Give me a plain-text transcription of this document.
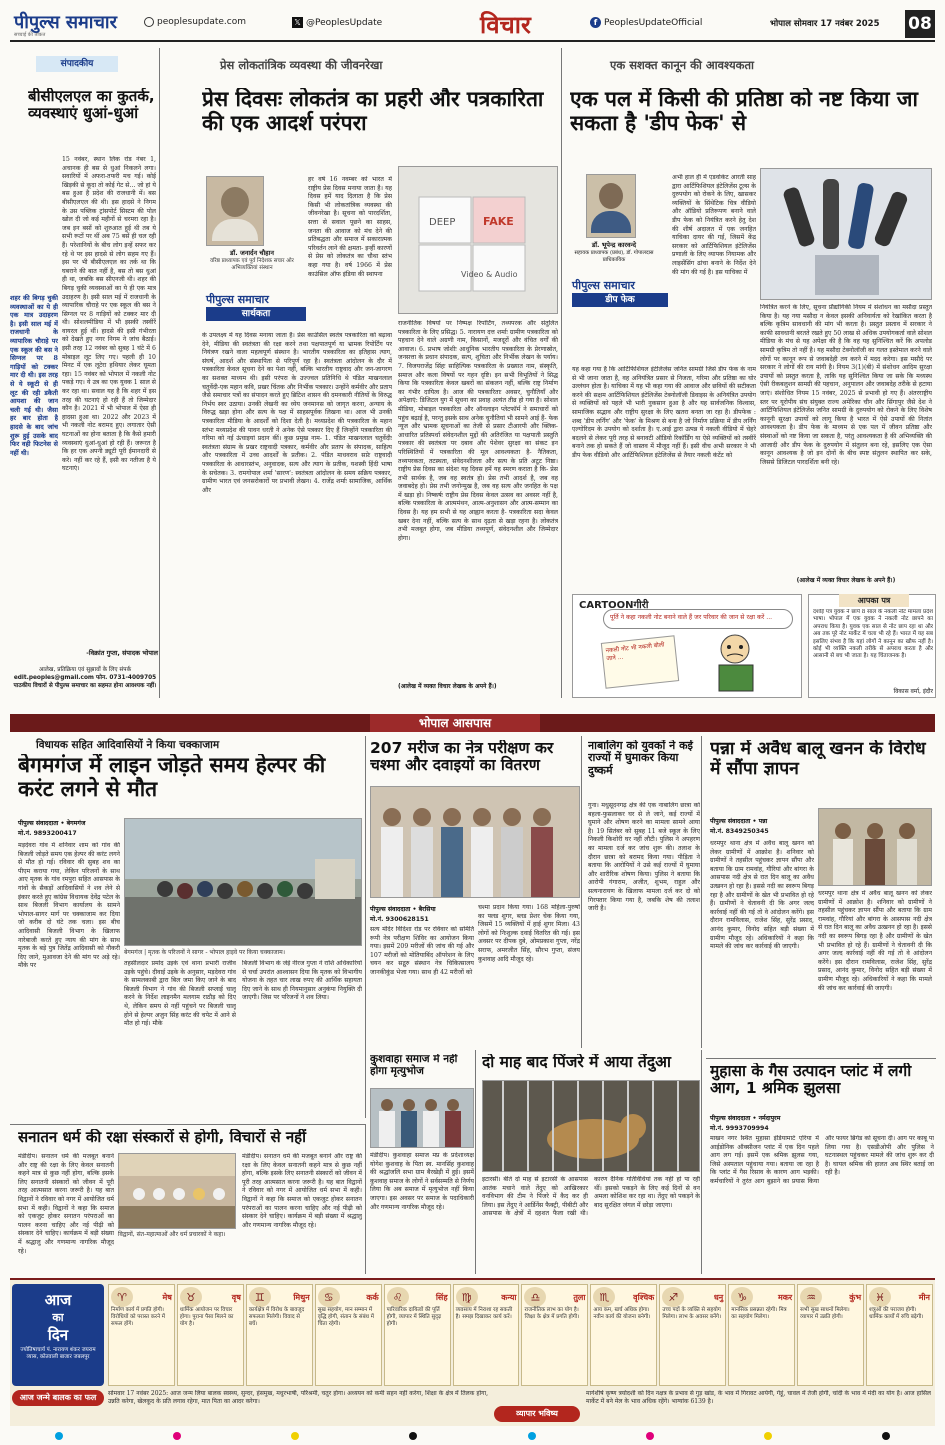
पीपुल्स समाचार
सच्चाई की ताकत
peoplesupdate.com	𝕏 @PeoplesUpdate	विचार	f PeoplesUpdateOfficial	भोपाल सोमवार 17 नवंबर 2025 08
संपादकीय
बीसीएलएल का कुतर्क, व्यवस्थाएं धुआं-धुआं
शहर की बिगड़ चुकी व्यवस्थाओं का ये ही एक मात्र उदाहरण है। इसी साल मई में राजधानी के व्यापारिक चौराहे पर एक स्कूल की बस ने सिग्नल पर 8 गाड़ियों को टक्कर मार दी थी। इस तरह से ये स्कूटी से ही लूट की रही डकैती आयशा की जान चली गई थी। जैसा हर बार होता है हादसे के बाद जांच शुरू हुई उसके बाद फिर वही फिटनेस से नहीं थी।
15 नवंबर, स्थान लिंक रोड नंबर 1, अचानक ही बस से धुआं निकलने लगा। सवारियों में अफरा-तफरी मच गई। कोई खिड़की से कूदा तो कोई गेट से... जो हां ये बस हुआ है प्रदेश की राजधानी में। बस बीसीएलएल की थी। इस हादसे ने निगम के उस पब्लिक ट्रांसपोर्ट सिस्टम की पोल खोल दी जो कई महीनों से चरमरा रहा है। जब इन बसों को शुरुआत हुई थी तब ये सभी रूटों पर थीं अब 75 बसें ही चल रही हैं। परेशानियों के बीच लोग इन्हें सफर कर रहे थे पर इस हादसे से लोग सहम गए हैं। इस पर भी बीसीएलएल का तर्क था कि घबराने की बात नहीं है, बस तो बस धुआं ही था, जबकि बस सीएनजी थी। शहर की बिगड़ चुकी व्यवस्थाओं का ये ही एक मात्र उदाहरण है। इसी साल मई में राजधानी के व्यापारिक चौराहे पर एक स्कूल की बस ने सिग्नल पर 8 गाड़ियों को टक्कर मार दी थी। सोशलमीडिया में भी इसकी तस्वीरें वायरल हुई थीं। हादसे की इसी गंभीरता को देखते हुए नगर निगम ने जांच बैठाई। इसी तरह 12 नवंबर को सुबह 1 घंटे में 6 मोबाइल लूट लिए गए। पहली ही 10 मिनट में एक लूटेरा हथियार लेकर घूमता रहा। 15 नवंबर को भोपाल में नकली नोट पकड़े गए। ये उत्र का एक युवक 1 साल से कर रहा था। सवाल यह है कि शहर में इस तरह की घटनाएं हो रही हैं तो जिम्मेदार कौन है। 2021 में भी भोपाल में ऐसा ही हादसा हुआ था। 2022 और 2023 में भी नकली नोट बरामद हुए। लगातार ऐसी घटनाओं का होना बताता है कि कैसे हमारी व्यवस्थाएं धुआं-धुआं हो रही हैं। जरूरत है कि हर एक अपनी ड्यूटी पूरी ईमानदारी से करे। नहीं कर रहे हैं, इसी का नतीजा है ये घटनाएं।
-विक्रांत गुप्ता, संपादक भोपाल
आलेख, प्रतिक्रिया एवं सुझावों के लिए संपर्क
edit.peoples@gmail.com फोन. 0731-4009705
पाठकीय विचारों से पीपुल्स समाचार का सहमत होना आवश्यक नहीं।
प्रेस लोकतांत्रिक व्यवस्था की जीवनरेखा
प्रेस दिवसः लोकतंत्र का प्रहरी और पत्रकारिता की एक आदर्श परंपरा
डॉ. जनार्दन चौहान
वरिष्ठ प्राध्यापक एवं पूर्व निदेशक सचार ओर अभिव्यक्तियां संस्थान
पीपुल्स समाचार
सार्थकता
हर वर्ष 16 नवम्बर को भारत में राष्ट्रीय प्रेस दिवस मनाया जाता है। यह दिवस हमें याद दिलाता है कि प्रेस किसी भी लोकतांत्रिक व्यवस्था की जीवनरेखा है। सूचना को पारदर्शिता, सत्ता से सवाल पूछने का साहस, जनता की आवाज को मंच देने की प्रतिबद्धता और समाज में सकारात्मक परिवर्तन लाने की क्षमता- इन्हीं कारणों से प्रेस को लोकतंत्र का चौथा स्तंभ कहा गया है। वर्ष 1966 में प्रेस काउंसिल ऑफ इंडिया की स्थापना
DEEP	FAKE
Video & Audio
के उपलक्ष्य में यह दिवस मनाया जाता है। प्रेस काउंसिल स्वतंत्र पत्रकारिता को बढ़ावा देने, मीडिया की स्वतंत्रता की रक्षा करने तथा पक्षपातपूर्ण या भ्रामक रिपोर्टिंग पर नियंत्रण रखने वाला महत्वपूर्ण संस्थान है। भारतीय पत्रकारिता का इतिहास त्याग, संघर्ष, आदर्श और संस्थापिता से परिपूर्ण रहा है। स्वतंत्रता आंदोलन के दौर में पत्रकारिता केवल सूचना देने का पेशा नहीं, बल्कि भारतीय राष्ट्रवाद और जन-जागरण का सशक्त माध्यम थी। इसी परंपरा के उज्ज्वल प्रतिनिधि थे पंडित माखनलाल चतुर्वेदी-एक महान कवि, प्रखर चिंतक और निर्भीक पत्रकार। उन्होंने कर्मवीर और प्रताप जैसे समाचार पत्रों का संपादन करते हुए ब्रिटिश शासन की दमनकारी नीतियों के विरुद्ध निर्भय स्वर उठाया। उनकी लेखनी का ध्येय जनमानस को जागृत करना, अन्याय के विरुद्ध खड़ा होना और सत्य के पक्ष में साहसपूर्वक लिखना था। आज भी उनकी पत्रकारिता मीडिया के आदर्शों को दिशा देती है। मध्यप्रदेश की पत्रकारिता के महान स्तंभः मध्यप्रदेश की पावन धरती ने अनेक ऐसे पत्रकार दिए हैं जिन्होंने पत्रकारिता की गरिमा को नई ऊंचाइयां प्रदान कीं। कुछ प्रमुख नाम- 1. पंडित माखनलाल चतुर्वेदीः स्वतंत्रता संग्राम के प्रखर राष्ट्रवादी पत्रकार, कर्मवीर और प्रताप के संपादक, साहित्य और पत्रकारिता में उच्च आदर्शों के प्रतीक। 2. पंडित माधवराव सप्रेः राष्ट्रवादी पत्रकारिता के आधारस्तंभ, अनुवादक, सत्य और त्याग के प्रतीक, यशस्वी हिंदी भाषा के सचेतक। 3. रामगोपाल शर्मा 'सारण': स्वतंत्रता आंदोलन के समय सक्रिय पत्रकार, ग्रामीण भारत एवं जनसरोकारों पर प्रभावी लेखन। 4. राजेंद्र शर्माः सामाजिक, आर्थिक और
राजनीतिक विषयों पर निष्पक्ष रिपोर्टिंग, तथ्यपरक और संतुलित पत्रकारिता के लिए प्रसिद्ध। 5. नारायण दत्त शर्माः ग्रामीण पत्रकारिता को पहचान देने वाले अग्रणी नाम, किसानों, मजदूरों और वंचित वर्गों की आवाज। 6. प्रभाष जोशीः आधुनिक भारतीय पत्रकारिता के प्रेरणास्रोत, जनसत्ता के प्रधान संपादक, सत्य, शुचिता और निर्भीक लेखन के पर्याय। 7. विजयराजेंद्र सिंहः साहित्यिक पत्रकारिता के प्रख्यात नाम, संस्कृति, समाज और कला विषयों पर गहन दृष्टि। इन सभी विभूतियों ने सिद्ध किया कि पत्रकारिता केवल खबरों का संकलन नहीं, बल्कि राष्ट्र निर्माण का गंभीर दायित्व है। आज की पत्रकारिताः अवसर, चुनौतियाँ और अपेक्षाएं: डिजिटल युग में सूचना का प्रवाह अत्यंत तीव्र हो गया है। सोशल मीडिया, मोबाइल पत्रकारिता और ऑनलाइन प्लेटफॉर्म ने समाचारों को पहुंच बढ़ाई है, परन्तु इसके साथ अनेक चुनौतियां भी सामने आई हैं- फेक न्यूज और भ्रामक सूचनाओं का तेजी से प्रसार टीआरपी और क्लिक-आधारित प्रतिस्पर्धा संवेदनशील मुद्दों की अतिरंजित या पक्षपाती प्रस्तुति पत्रकार की स्वतंत्रता पर दबाव और पेशेवर सुरक्षा का संकट इन परिस्थितियों में पत्रकारिता की मूल आवश्यकता है- नैतिकता, तथ्यपरकता, तटस्थता, संवेदनशीलता और सत्य के प्रति अटूट निष्ठा। राष्ट्रीय प्रेस दिवस का संदेशः यह दिवस हमें यह स्मरण कराता है कि- प्रेस तभी सार्थक है, जब वह स्वतंत्र हो। प्रेस तभी आदर्श है, जब वह जवाबदेह हो। प्रेस तभी जनोन्मुख है, जब वह सत्य और जनहित के पक्ष में खड़ा हो। निष्कर्षः राष्ट्रीय प्रेस दिवस केवल उत्सव का अवसर नहीं है, बल्कि पत्रकारिता के आत्ममंथन, आत्म-अनुशासन और आत्म-सम्मान का दिवस है। यह हम सभी से यह आह्वान करता है- पत्रकारिता सदा केवल खबर देना नहीं, बल्कि सत्य के साथ दृढ़ता से खड़ा रहना है। लोकतंत्र तभी मजबूत होगा, जब मीडिया तथ्यपूर्ण, संवेदनशील और जिम्मेदार होगा।
(आलेख में व्यक्त विचार लेखक के अपने हैं।)
एक सशक्त कानून की आवश्यकता
एक पल में किसी की प्रतिष्ठा को नष्ट किया जा सकता है 'डीप फेक' से
डॉ. भूपेन्द्र कारवन्दे
सहायक प्राध्यापक (प्रबंध), डॉ. गोपालदास प्राधिकायिक
पीपुल्स समाचार
डीप फेक
अभी हाल ही में एडवोकेट आरती साह द्वारा आर्टिफिशियल इंटेलिजेंस टूल्स के दुरुपयोग को रोकने के लिए, खासकर व्यक्तियों के सिंथेटिक चित्र वीडियो और ऑडियो प्रतिरूपण बनाने वाले डीप फेक को नियंत्रित करने हेतु देश की शीर्ष अदालत में एक जनहित याचिका दायर की गई, जिसमें केंद्र सरकार को आर्टिफिशियल इंटेलिजेंस प्रणाली के लिए व्यापक नियामक और लाइसेंसिंग ढांचा बनाने के निर्देश देने की मांग की गई है। इस याचिका में
यह कहा गया है कि आर्टिफिशियल इंटेलिजेंस जनित सामग्री जिसे डीप फेक के नाम से भी जाना जाता है, वह अनियंत्रित प्रसार से निजता, गरिमा और प्रतिष्ठा का घोर उल्लंघन होता है। याचिका में यह भी कहा गया की आवाज और छवियों की सटीकता करने की सक्षम आर्टिफिशियल इंटेलिजेंस टेक्नोलॉजी डिवाइस के अनियंत्रित उपयोग से व्यक्तियों को पहले भी भारी नुकसान हुआ है और यह सार्वजनिक विश्वास, सामाजिक सद्भाव और राष्ट्रीय सुरक्षा के लिए खतरा बनता जा रहा है। डीपफेक : शब्द 'डीप लर्निंग' और 'फेक' के मिश्रण से बना है जो निर्माण प्रक्रिया में डीप लर्निंग एल्गोरिदम के उपयोग को दर्शाता है। ए.आई द्वारा उत्पन्न ये नकली वीडियो में चेहरे बदलने से लेकर पूरी तरह से बनावटी ऑडियो रिकॉर्डिंग या ऐसे व्यक्तियों को तस्वीरें बनाने तक हो सकते हैं जो वास्तव में मौजूद नहीं हैं। इसी वीच अभी सरकार ने भी डीप फेक वीडियो और आर्टिफिशियल इंटेलिजेंस से तैयार नकली कंटेंट को
नियंत्रित करने के लिए, सूचना प्रौद्योगिकी नियम में संशोधन का मसौदा प्रस्तुत किया है। यह नया मसौदा न केवल इसकी अनिवार्यता को रेखांकित करता है बल्कि कृत्रिम सावधानी की मांग भी करता है। प्रस्तुत प्रस्ताव में सरकार ने काफी सावधानी बरतते रखते हुए 50 लाख से अधिक उपयोगकर्ता वाले सोशल मीडिया के मंच से यह अपेक्षा की है कि वह यह सुनिश्चित करें कि अपलोड सामग्री कृत्रिम तो नहीं है। यह मसौदा टेक्नोलॉजी का गलत इस्तेमाल करने वाले लोगों पर कानून रूप से जवाबदेही तय करने में मदद करेगा। इस मसौदे पर सरकार ने लोगों की राय मांगी है। नियम 3(1)(बी) में संशोधन आदिम सुरक्षा उपायों को प्रस्तुत करता है, ताकि यह सुनिश्चित किया जा सके कि मध्यस्थ ऐसी रीकबलुशन सामग्री की पहचान, अनुपालन और जवाबदेह तरीके से हटाया जाएं। संशोधित नियम 15 नवंबर, 2025 से प्रभावी हो गए हैं। अंतरराष्ट्रीय स्तर पर यूरोपीय संघ संयुक्त राज्य अमेरिका चीन और सिंगापुर जैसे देश ने आर्टिफिशियल इंटेलिजेंस जनित सामग्री के दुरुपयोग को रोकने के लिए विशेष कानूनी सुरक्षा उपायों को लागू किया है भारत में ऐसे उपायों की नितांत आवश्यकता है। डीप फेक के माध्यम से एक पल में जीवन प्रतिष्ठा और संस्थाओं को नष्ट किया जा सकता है, परंतु आवश्यकता है की अभिव्यक्ति की आजादी और डीप फेक के दुरुपयोग में संतुलन बना रहे, इसलिए एक ऐसा कानून आवश्यक है जो इन दोनों के बीच स्पष्ट संतुलन स्थापित कर सके, जिससे डिजिटल पारदर्शिता बनी रहे।
(आलेख में व्यक्त विचार लेखक के अपने हैं।)
CARTOONगीरी
पूर्ति ने कहा नकली नोट बनाने वाले हैं जर परिवार की जान से रक्षा करें ...
नकली नोट भी नकली बोली जाने ...
आपका पत्र
दर्शाई पत्र युवक ने छापे 8 साल के नकली नोट मामला प्रदेश भाषा। भोपाल में एक युवक ने नकली नोट छापने का अपराध किया है। युवक एक साल से नोट छाप रहा था और अब तक पूरे नोट मार्केट में चला भी रहे हैं। भारत में यह सब इसलिए संभव है कि यहां लोगों ने कानून का खौफ नहीं है। कोई भी व्यक्ति नकली तरीके से अपराध करता है और आसानी से बच भी जाता है। यह चिंताजनक है।
विकास वर्मा, इंदौर
भोपाल आसपास
विधायक सहित आदिवासियों ने किया चक्काजाम
बेगमगंज में लाइन जोड़ते समय हेल्पर की करंट लगने से मौत
पीपुल्स संवाददाता • बेगमगंज
मो.नं. 9893200417
मड़देवरा गांव में शनिवार शाम को गांव की बिजली जोड़ते समय एक हेल्पर की करंट लगने से मौत हो गई। रविवार की सुबह शव का पीएम कराया गया, लेकिन परिजनों के साथ आए मृतक के गांव रमपुरा सहित आसपास के गांवों के सैकड़ों आदिवासियों ने शव लेने से इंकार करते हुए कांग्रेस विधायक देवेंद्र पटेल के साथ बिजली विभाग कार्यालय के सामने भोपाल-सागर मार्ग पर चक्काजाम कर दिया जो करीब दो घंटे तक चला। इस बीच आदिवासी बिजली विभाग के खिलाफ नारेबाजी करते हुए न्याय की मांग के साथ मृतक के बड़े पुत्र जितेंद्र आदिवासी को नौकरी दिए जाने, मुआवजा देने की मांग पर अड़े रहे। मौके पर
बेगमगंज | मृतक के परिजनों ने सागर - भोपाल हाइवे पर किया चक्काजाम।
तहसीलदार प्रमोद उइके एवं थाना प्रभारी राजीव उइके पहुंचे। दीवाई उइके के अनुसार, मड़देवरा गांव के सामलकाबी द्वारा बिल जमा किए जाने के बाद बिजली विभाग ने गांव की बिजली सप्लाई चालू करने के निर्देश लाइनमैन मलगाम राठौड़ को दिए थे, लेकिन समय से नहीं पहुंचने पर बिजली चालू होने से हेल्पर अजुन सिंह करंट की चपेट में आने से मौत हो गई। मौके
बिजली विभाग के जेई नीरज गुप्ता ने राशि अधिकारियों से चर्चा उपरांत आश्वासन दिया कि मृतक को विभागीय योजना के तहत चार लाख रुपए की आर्थिक सहायता दिए जाने के साथ ही नियमानुसार अनुकंपा नियुक्ति दी जाएगी। जिस पर परिजनों ने शव लिया।
207 मरीज का नेत्र परीक्षण कर चश्मा और दवाइयों का वितरण
पीपुल्स संवाददाता • बैरसिया
मो.नं. 9300628151
सत्य मंदिर विदिशा रोड पर रविवार को समिति रूपी नेत्र परीक्षण शिविर का आयोजन किया गया। इसमें 209 मरीजों की जांच की गई और 107 मरीजों को मोतियाबिंद ऑपरेशन के लिए चयन कर सद्गुरु संस्थान नेत्र चिकित्सालय जानकीकुंड भेजा गया। साथ ही 42 मरीजों को
चश्मा प्रदान किया गया। 168 महिला-पुरुषों का फ्लड शुगर, ब्लड प्रेशर चेक किया गया, जिसमें 15 व्यक्तियों में हाई शुगर मिला। 43 लोगों को निःशुल्क दवाई वितरित की गई। इस अवसर पर दीपक दुबे, ओमप्रकाश गुप्ता, नरेंद्र सराफ, अमरजीत सिंह, सौरभ गुप्ता, संजय कुशवाह आदि मौजूद रहे।
नाबालिग को युवकों ने कई राज्यों में घुमाकर किया दुष्कर्म
गुना। मधुसूदनगढ़ क्षेत्र की एक नाबालिग छात्रा को बहला-फुसलाकर घर से ले जाने, कई राज्यों में घुमाने और शोषण करने का मामला सामने आया है। 19 सितंबर को सुबह 11 बजे स्कूल के लिए निकली किशोरी घर नहीं लौटी। पुलिस ने अपहरण का मामला दर्ज कर जांच शुरू की। तलाश के दौरान छात्रा को बरामद किया गया। पीड़िता ने बताया कि आरोपियों ने उसे कई राज्यों में घुमाया और शारीरिक शोषण किया। पुलिस ने बताया कि आरोपी गंगाराम, अजीत, शुभम, राहुल और सत्यनारायण के खिलाफ मामला दर्ज कर दो को गिरफ्तार किया गया है, जबकि शेष की तलाश जारी है।
पन्ना में अवैध बालू खनन के विरोध में सौंपा ज्ञापन
पीपुल्स संवाददाता • पन्ना
मो.नं. 8349250345
धरमपुर थाना क्षेत्र में अवैध बालू खनन को लेकर ग्रामीणों में आक्रोश है। शनिवार को ग्रामीणों ने तहसील पहुंचकर ज्ञापन सौंपा और बताया कि ग्राम रामवांह, गौरियां और बांगरा के आसपास नदी क्षेत्र से रात दिन बालू का अवैध उत्खनन हो रहा है। इससे नदी का स्वरूप बिगड़ रहा है और ग्रामीणों के खेत भी प्रभावित हो रहे हैं। ग्रामीणों ने चेतावनी दी कि अगर जल्द कार्रवाई नहीं की गई तो वे आंदोलन करेंगे। इस दौरान रामविलास, राजेश सिंह, सुरेंद्र प्रसाद, आनंद कुमार, विनोद सहित बड़ी संख्या में ग्रामीण मौजूद रहे। अधिकारियों ने कहा कि मामले की जांच कर कार्रवाई की जाएगी।
धरमपुर थाना क्षेत्र में अवैध बालू खनन को लेकर ग्रामीणों में आक्रोश है। शनिवार को ग्रामीणों ने तहसील पहुंचकर ज्ञापन सौंपा और बताया कि ग्राम रामवांह, गौरियां और बांगरा के आसपास नदी क्षेत्र से रात दिन बालू का अवैध उत्खनन हो रहा है। इससे नदी का स्वरूप बिगड़ रहा है और ग्रामीणों के खेत भी प्रभावित हो रहे हैं। ग्रामीणों ने चेतावनी दी कि अगर जल्द कार्रवाई नहीं की गई तो वे आंदोलन करेंगे। इस दौरान रामविलास, राजेश सिंह, सुरेंद्र प्रसाद, आनंद कुमार, विनोद सहित बड़ी संख्या में ग्रामीण मौजूद रहे। अधिकारियों ने कहा कि मामले की जांच कर कार्रवाई की जाएगी।
सनातन धर्म की रक्षा संस्कारों से होगी, विचारों से नहीं
मंडीदीप। सनातन धर्म की मजबूत बनाने और राष्ट्र की रक्षा के लिए केवल सनातनी कहने मात्र से कुछ नहीं होगा, बल्कि इसके लिए सनातनी संस्कारों को जीवन में पूरी तरह आत्मसात करना जरूरी है। यह बात विद्वानों ने रविवार को नगर में आयोजित धर्म सभा में कही। विद्वानों ने कहा कि समाज को एकजुट होकर सनातन परंपराओं का पालन करना चाहिए और नई पीढ़ी को संस्कार देने चाहिए। कार्यक्रम में बड़ी संख्या में श्रद्धालु और गणमान्य नागरिक मौजूद रहे।
विद्वानों, संत-महात्माओं और धर्म प्रचारकों ने कहा।
मंडीदीप। सनातन धर्म की मजबूत बनाने और राष्ट्र की रक्षा के लिए केवल सनातनी कहने मात्र से कुछ नहीं होगा, बल्कि इसके लिए सनातनी संस्कारों को जीवन में पूरी तरह आत्मसात करना जरूरी है। यह बात विद्वानों ने रविवार को नगर में आयोजित धर्म सभा में कही। विद्वानों ने कहा कि समाज को एकजुट होकर सनातन परंपराओं का पालन करना चाहिए और नई पीढ़ी को संस्कार देने चाहिए। कार्यक्रम में बड़ी संख्या में श्रद्धालु और गणमान्य नागरिक मौजूद रहे।
कुशवाहा समाज में नहीं होगा मृत्युभोज
मंडीदीप। कुशवाहा समाज मप्र के प्रदेशाध्यक्ष योगेश कुशवाह के पिता स्व. मानसिंह कुशवाह की श्रद्धांजलि सभा ग्राम बैरखेड़ी में हुई। इसमें कुशवाह समाज के लोगों ने सर्वसम्मति से निर्णय लिया कि अब समाज में मृत्युभोज नहीं किया जाएगा। इस अवसर पर समाज के पदाधिकारी और गणमान्य नागरिक मौजूद रहे।
दो माह बाद पिंजरे में आया तेंदुआ
इटारसी। बीते दो माह से इटारसी के आसपास आतंक मचाने वाले तेंदुए को आखिरकार वनविभाग की टीम ने पिंजरे में कैद कर ही लिया। इस तेंदुए ने आर्डिनेंस फैक्ट्री, पीबीटी और आसपास के क्षेत्रों में दहशत फैला रखी थी। कारण दैनिक गतिविधियां तक नहीं हो पा रही थीं। इसको पकड़ने के लिए कई दिनों से वन अमला कोशिश कर रहा था। तेंदुए को पकड़ने के बाद सुरक्षित जंगल में छोड़ा जाएगा।
मुहासा के गैस उत्पादन प्लांट में लगी आग, 1 श्रमिक झुलसा
पीपुल्स संवाददाता • नर्मदापुरम
मो.नं. 9993709994
माखन नगर स्थित मुहासा इंडियामार्ट एरिया में आईडोनिक ऑक्सीजन प्लांट में एक दिन पहले आग लग गई। इसमें एक श्रमिक झुलस गया, जिसे अस्पताल पहुंचाया गया। बताया जा रहा है कि प्लांट में गैस रिसाव के कारण आग भड़की। कर्मचारियों ने तुरंत आग बुझाने का प्रयास किया और फायर ब्रिगेड को सूचना दी। आग पर काबू पा लिया गया है। एसडीओपी और पुलिस ने घटनास्थल पहुंचकर मामले की जांच शुरू कर दी है। घायल श्रमिक की हालत अब स्थिर बताई जा रही है।
आज
का
दिन
ज्योतिषाचार्य पं. नारायण शंकर जयराम व्यास, कोतवाली बाजार जबलपुर
♈	मेष
निर्माण कार्य में प्रगति होगी। विरोधियों को परास्त करने में सफल होंगे।
♉	वृष
धार्मिक आयोजन पर विचार होगा। पुराना पैसा मिलने का योग है।
♊	मिथुन
कार्यक्षेत्र में विरोध के बावजूद सफलता मिलेगी। विवाद से बचें।
♋	कर्क
सुख सहयोग, मान सम्मान में वृद्धि होगी, संतान के संबंध में चिंता रहेगी।
♌	सिंह
पारिवारिक दायित्वों की पूर्ति होगी, व्यापार में स्थिति सुदृढ़ होगी।
♍	कन्या
व्यवसाय में निराशा रह सकती है। समझ दिखाकर कार्य करें।
♎	तुला
राजनीतिक लाभ का योग है। जिक्षा के क्षेत्र में प्रगति होगी।
♏	वृश्चिक
आय कम, खर्च अधिक होगा। नवीन कार्य की योजना बनेगी।
♐	धनु
उच्च पदों के व्यक्ति से सहयोग मिलेगा। लाभ के अवसर बनेंगे।
♑	मकर
मानसिक प्रसन्नता रहेगी। मित्र का सहयोग मिलेगा।
♒	कुंभ
सभी सुख साधनों मिलेगा। व्यापार में उन्नति होगी।
♓	मीन
शत्रुओं की पराजय होगी। धार्मिक कार्यों में रुचि बढ़ेगी।
आज जन्मे बालक का फल	सोमवार 17 नवंबर 2025: आज जन्म लिया बालक स्वस्थ्य, सुन्दर, हंसमुख, मधुरभाषी, परिश्रमी, चतुर होगा। अध्ययन को कमी सहन नहीं करेगा, शिक्षा के क्षेत्र में तिलक होगा, उन्नति करेगा, खेलकूद के प्रति लगाव रहेगा, मात पिता का आदर करेगा।
व्यापार भविष्य
मार्गशीर्ष कृष्ण त्रयोदशी को दिन नक्षत्र के प्रभाव से गुड़ खांड, के भाव में गिरावट आयेगी, गेहूं, चावल में तेजी होगी, चांदी के भाव में मंदी का योग है। आज हासिल मार्केट में बने मेल के भाव अधिक रहेंगे। भाग्यांक 6139 है।
